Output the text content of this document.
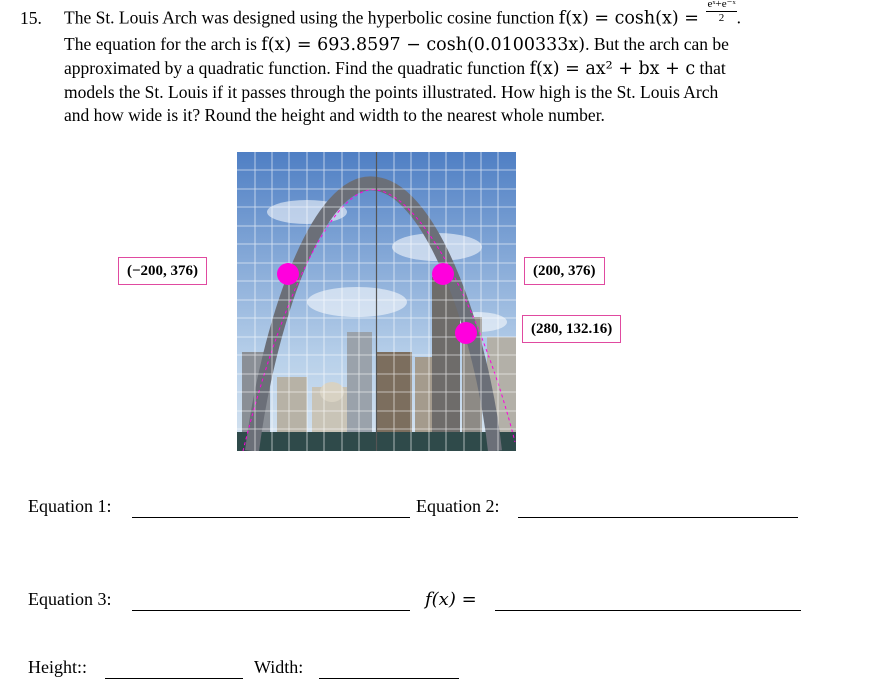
15. The St. Louis Arch was designed using the hyperbolic cosine function $f(x) = \cosh(x) = \frac{\text{eˣ+e⁻ˣ}}{2}$ .
The equation for the arch is f(x) = 693.8597 − cosh(0.0100333x). But the arch can be
approximated by a quadratic function. Find the quadratic function f(x) = ax² + bx + c that
models the St. Louis if it passes through the points illustrated. How high is the St. Louis Arch
and how wide is it? Round the height and width to the nearest whole number.
(−200, 376)	(200, 376)
(280, 132.16)
Equation 1:	Equation 2:
Equation 3:	f(x) =
Height::	Width:
